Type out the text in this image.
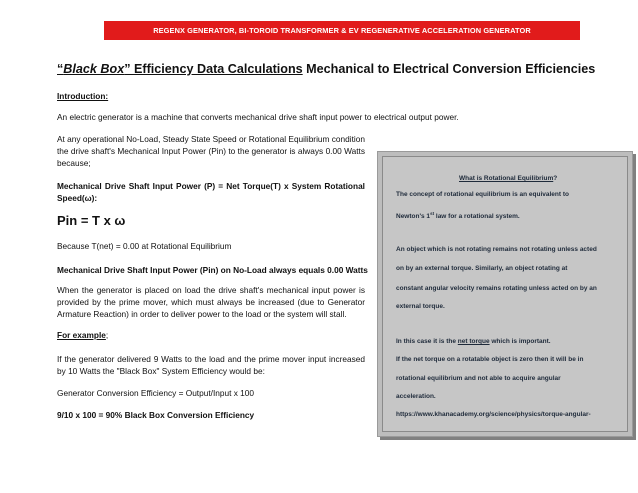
REGENX GENERATOR, BI-TOROID TRANSFORMER & EV REGENERATIVE ACCELERATION GENERATOR
“Black Box” Efficiency Data Calculations Mechanical to Electrical Conversion Efficiencies
Introduction:
An electric generator is a machine that converts mechanical drive shaft input power to electrical output power.
At any operational No-Load, Steady State Speed or Rotational Equilibrium condition the drive shaft's Mechanical Input Power (Pin) to the generator is always 0.00 Watts because;
Mechanical Drive Shaft Input Power (P) = Net Torque(T) x System Rotational Speed(ω):
Pin = T x ω
Because T(net) = 0.00 at Rotational Equilibrium
Mechanical Drive Shaft Input Power (Pin) on No-Load always equals 0.00 Watts
When the generator is placed on load the drive shaft's mechanical input power is provided by the prime mover, which must always be increased (due to Generator Armature Reaction) in order to deliver power to the load or the system will stall.
For example;
If the generator delivered 9 Watts to the load and the prime mover input increased by 10 Watts the "Black Box" System Efficiency would be:
Generator Conversion Efficiency = Output/Input x 100
9/10 x 100 = 90% Black Box Conversion Efficiency
What is Rotational Equilibrium?
The concept of rotational equilibrium is an equivalent to
Newton's 1st law for a rotational system.
An object which is not rotating remains not rotating unless acted
on by an external torque. Similarly, an object rotating at
constant angular velocity remains rotating unless acted on by an
external torque.
In this case it is the net torque which is important.
If the net torque on a rotatable object is zero then it will be in
rotational equilibrium and not able to acquire angular
acceleration.
https://www.khanacademy.org/science/physics/torque-angular-
